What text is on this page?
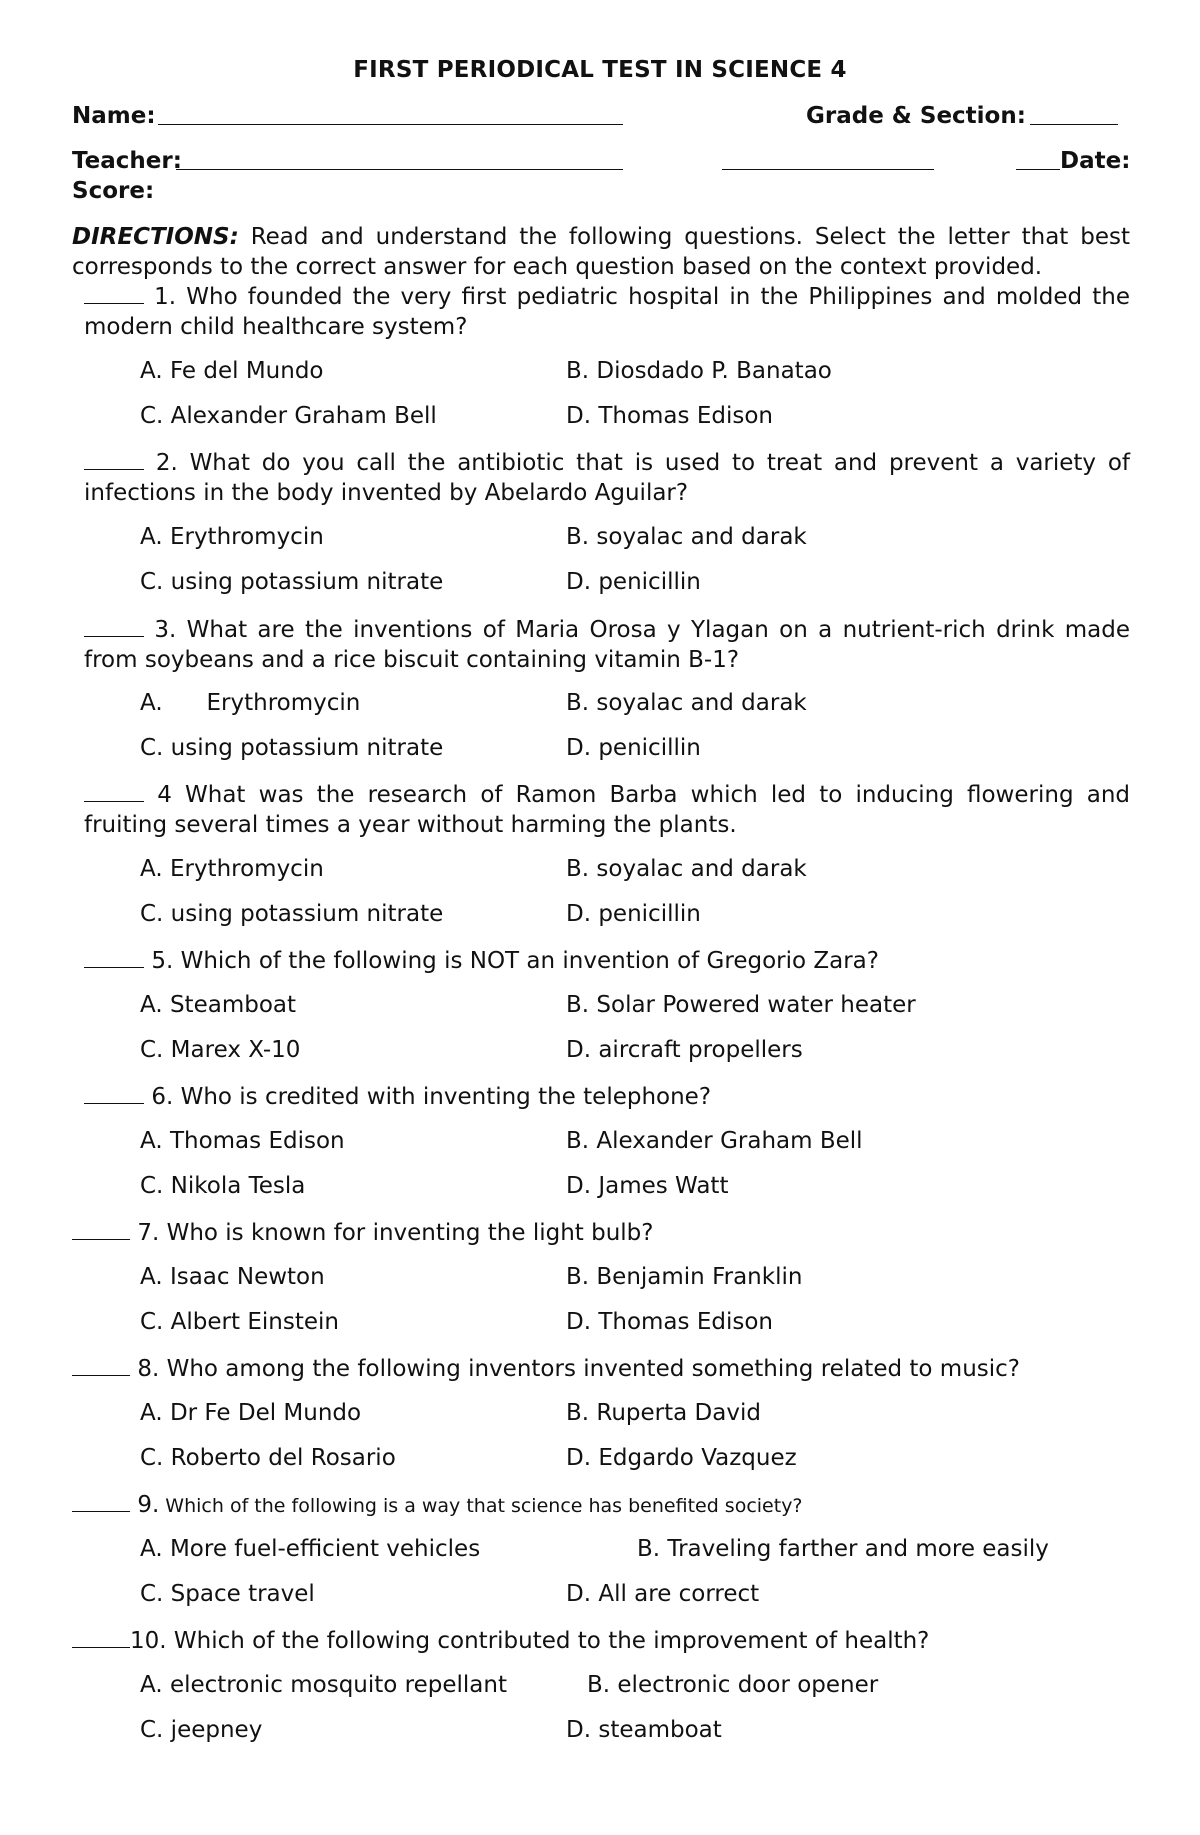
FIRST PERIODICAL TEST IN SCIENCE 4
Name:	Grade & Section:
Teacher:	Date:
Score:
DIRECTIONS: Read and understand the following questions. Select the letter that best corresponds to the correct answer for each question based on the context provided.
1. Who founded the very first pediatric hospital in the Philippines and molded the modern child healthcare system?
A. Fe del Mundo	B. Diosdado P. Banatao
C. Alexander Graham Bell	D. Thomas Edison
2. What do you call the antibiotic that is used to treat and prevent a variety of infections in the body invented by Abelardo Aguilar?
A. Erythromycin	B. soyalac and darak
C. using potassium nitrate	D. penicillin
3. What are the inventions of Maria Orosa y Ylagan on a nutrient-rich drink made from soybeans and a rice biscuit containing vitamin B-1?
A.      Erythromycin	B. soyalac and darak
C. using potassium nitrate	D. penicillin
4 What was the research of Ramon Barba which led to inducing flowering and fruiting several times a year without harming the plants.
A. Erythromycin	B. soyalac and darak
C. using potassium nitrate	D. penicillin
5. Which of the following is NOT an invention of Gregorio Zara?
A. Steamboat	B. Solar Powered water heater
C. Marex X-10	D. aircraft propellers
6. Who is credited with inventing the telephone?
A. Thomas Edison	B. Alexander Graham Bell
C. Nikola Tesla	D. James Watt
7. Who is known for inventing the light bulb?
A. Isaac Newton	B. Benjamin Franklin
C. Albert Einstein	D. Thomas Edison
8. Who among the following inventors invented something related to music?
A. Dr Fe Del Mundo	B. Ruperta David
C. Roberto del Rosario	D. Edgardo Vazquez
9. Which of the following is a way that science has benefited society?
A. More fuel-efficient vehicles	B. Traveling farther and more easily
C. Space travel	D. All are correct
10. Which of the following contributed to the improvement of health?
A. electronic mosquito repellant	B. electronic door opener
C. jeepney	D. steamboat
